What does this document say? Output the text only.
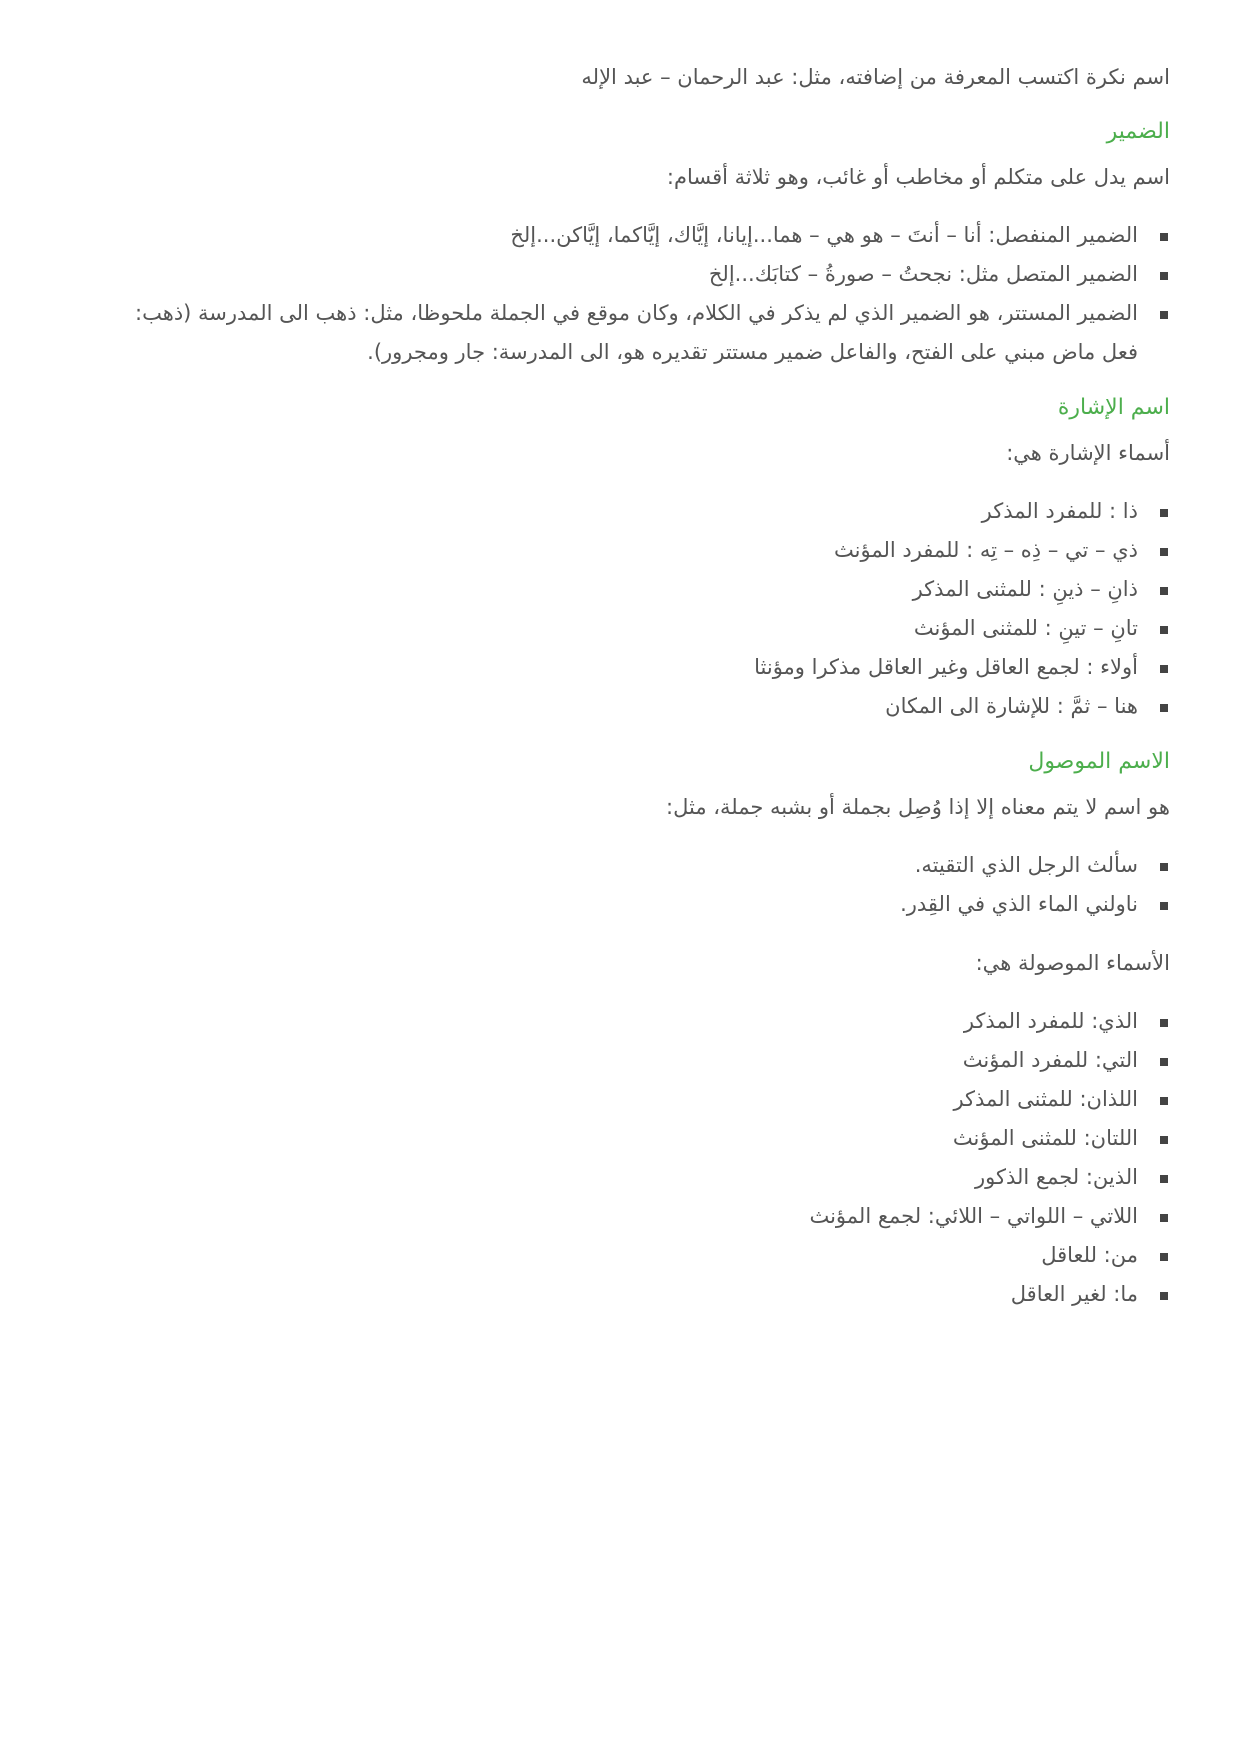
اسم نكرة اكتسب المعرفة من إضافته، مثل: عبد الرحمان – عبد الإله

الضمير

اسم يدل على متكلم أو مخاطب أو غائب، وهو ثلاثة أقسام:

الضمير المنفصل: أنا – أنتَ – هو هي – هما...إيانا، إيَّاك، إيَّاكما، إيَّاكن...إلخ
الضمير المتصل مثل: نجحتُ – صورةُ – كتابَك...إلخ
الضمير المستتر، هو الضمير الذي لم يذكر في الكلام، وكان موقع في الجملة ملحوظا، مثل: ذهب الى المدرسة (ذهب: فعل ماض مبني على الفتح، والفاعل ضمير مستتر تقديره هو، الى المدرسة: جار ومجرور).
اسم الإشارة

أسماء الإشارة هي:

ذا : للمفرد المذكر
ذي – تي – ذِه – تِه : للمفرد المؤنث
ذانِ – ذينِ : للمثنى المذكر
تانِ – تينِ : للمثنى المؤنث
أولاء : لجمع العاقل وغير العاقل مذكرا ومؤنثا
هنا – ثمَّ : للإشارة الى المكان
الاسم الموصول

هو اسم لا يتم معناه إلا إذا وُصِل بجملة أو بشبه جملة، مثل:

سألث الرجل الذي التقيته.
ناولني الماء الذي في القِدر.

الأسماء الموصولة هي:

الذي: للمفرد المذكر
التي: للمفرد المؤنث
اللذان: للمثنى المذكر
اللتان: للمثنى المؤنث
الذين: لجمع الذكور
اللاتي – اللواتي – اللائي: لجمع المؤنث
من: للعاقل
ما: لغير العاقل
